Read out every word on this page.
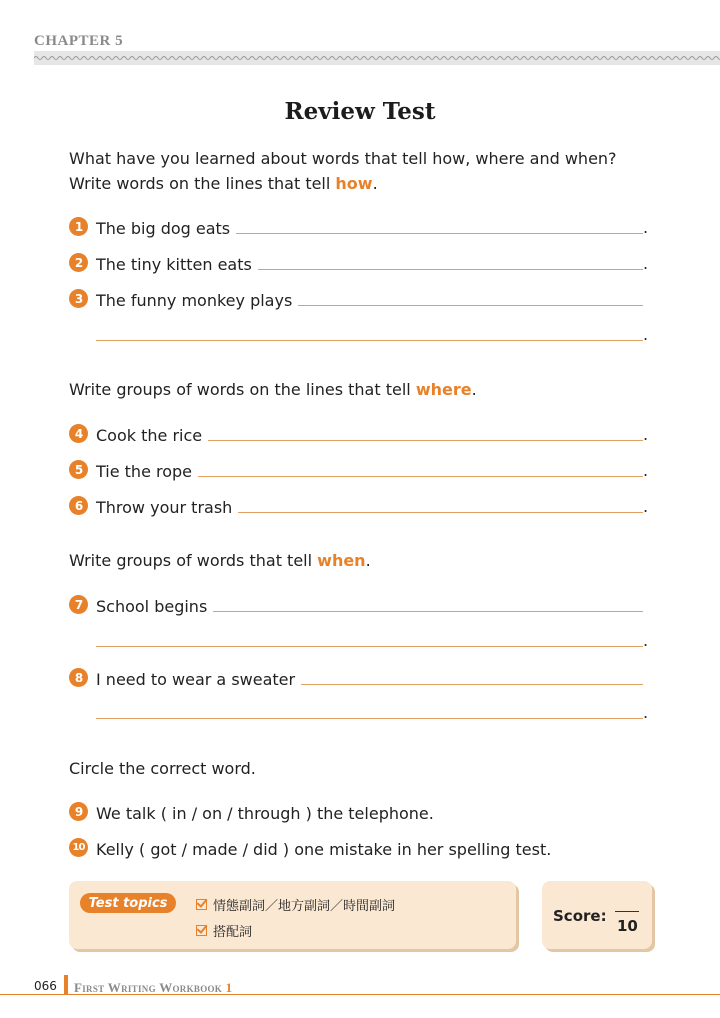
CHAPTER 5
Review Test
What have you learned about words that tell how, where and when?
Write words on the lines that tell how.
1 The big dog eats	.
2 The tiny kitten eats	.
3 The funny monkey plays
.
Write groups of words on the lines that tell where.
4 Cook the rice	.
5 Tie the rope	.
6 Throw your trash	.
Write groups of words that tell when.
7 School begins
.
8 I need to wear a sweater
.
Circle the correct word.
9 We talk ( in / on / through ) the telephone.
10 Kelly ( got / made / did ) one mistake in her spelling test.
Test topics	情態副詞／地方副詞／時間副詞
搭配詞
Score:
10
066 First Writing Workbook 1
